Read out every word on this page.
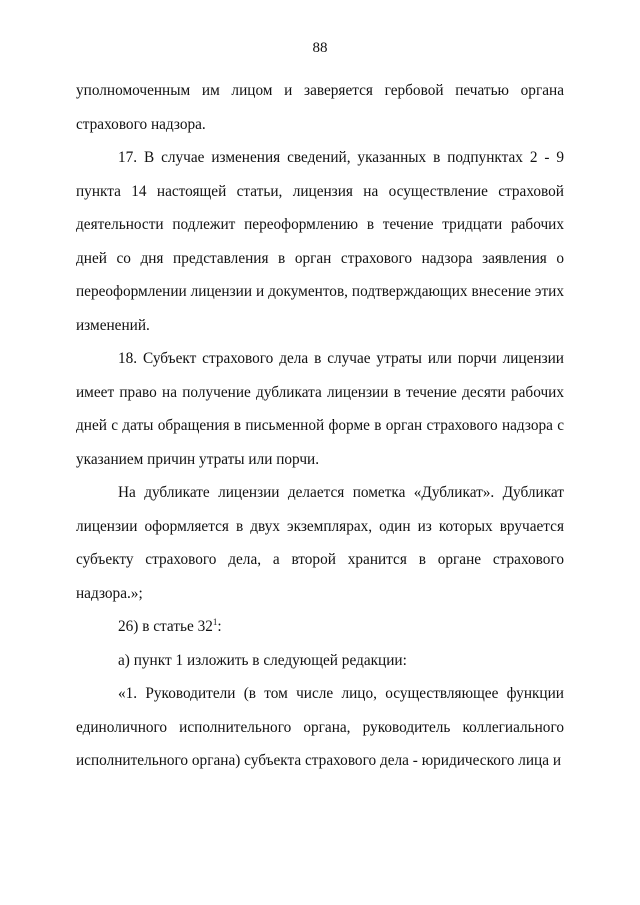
88

уполномоченным им лицом и заверяется гербовой печатью органа страхового надзора.

17. В случае изменения сведений, указанных в подпунктах 2 - 9 пункта 14 настоящей статьи, лицензия на осуществление страховой деятельности подлежит переоформлению в течение тридцати рабочих дней со дня представления в орган страхового надзора заявления о переоформлении лицензии и документов, подтверждающих внесение этих изменений.

18. Субъект страхового дела в случае утраты или порчи лицензии имеет право на получение дубликата лицензии в течение десяти рабочих дней с даты обращения в письменной форме в орган страхового надзора с указанием причин утраты или порчи.

На дубликате лицензии делается пометка «Дубликат». Дубликат лицензии оформляется в двух экземплярах, один из которых вручается субъекту страхового дела, а второй хранится в органе страхового надзора.»;

26) в статье $32^1$:

а) пункт 1 изложить в следующей редакции:

«1. Руководители (в том числе лицо, осуществляющее функции единоличного исполнительного органа, руководитель коллегиального исполнительного органа) субъекта страхового дела - юридического лица и
